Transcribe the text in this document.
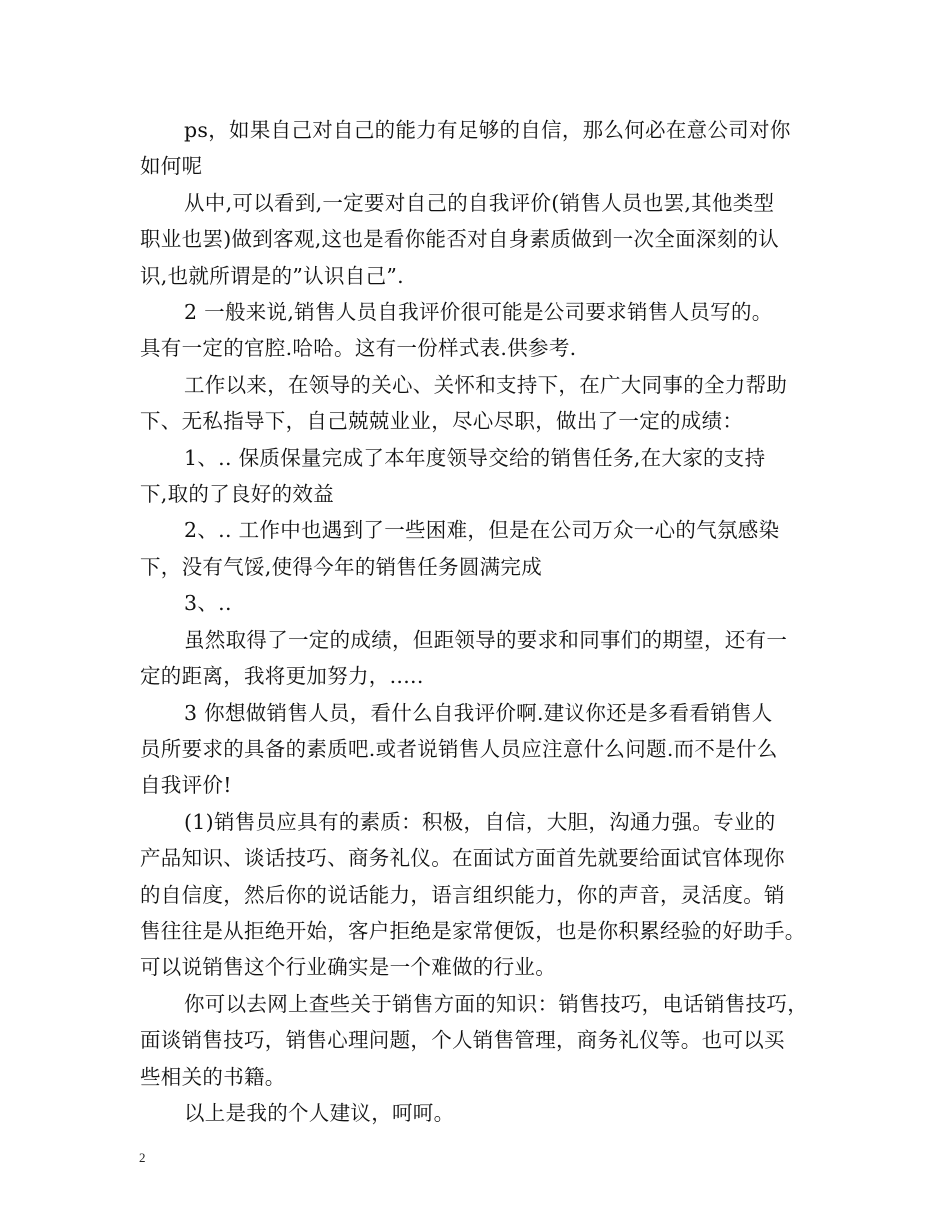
ps，如果自己对自己的能力有足够的自信，那么何必在意公司对你
如何呢

从中,可以看到,一定要对自己的自我评价(销售人员也罢,其他类型
职业也罢)做到客观,这也是看你能否对自身素质做到一次全面深刻的认
识,也就所谓是的”认识自己”.

2 一般来说,销售人员自我评价很可能是公司要求销售人员写的。
具有一定的官腔.哈哈。这有一份样式表.供参考.

工作以来，在领导的关心、关怀和支持下，在广大同事的全力帮助
下、无私指导下，自己兢兢业业，尽心尽职，做出了一定的成绩：

1、.. 保质保量完成了本年度领导交给的销售任务,在大家的支持
下,取的了良好的效益

2、.. 工作中也遇到了一些困难，但是在公司万众一心的气氛感染
下，没有气馁,使得今年的销售任务圆满完成

3、..

虽然取得了一定的成绩，但距领导的要求和同事们的期望，还有一
定的距离，我将更加努力，.....

3 你想做销售人员，看什么自我评价啊.建议你还是多看看销售人
员所要求的具备的素质吧.或者说销售人员应注意什么问题.而不是什么
自我评价!

(1)销售员应具有的素质：积极，自信，大胆，沟通力强。专业的
产品知识、谈话技巧、商务礼仪。在面试方面首先就要给面试官体现你
的自信度，然后你的说话能力，语言组织能力，你的声音，灵活度。销
售往往是从拒绝开始，客户拒绝是家常便饭，也是你积累经验的好助手。
可以说销售这个行业确实是一个难做的行业。

你可以去网上查些关于销售方面的知识：销售技巧，电话销售技巧，
面谈销售技巧，销售心理问题，个人销售管理，商务礼仪等。也可以买
些相关的书籍。

以上是我的个人建议，呵呵。

2
